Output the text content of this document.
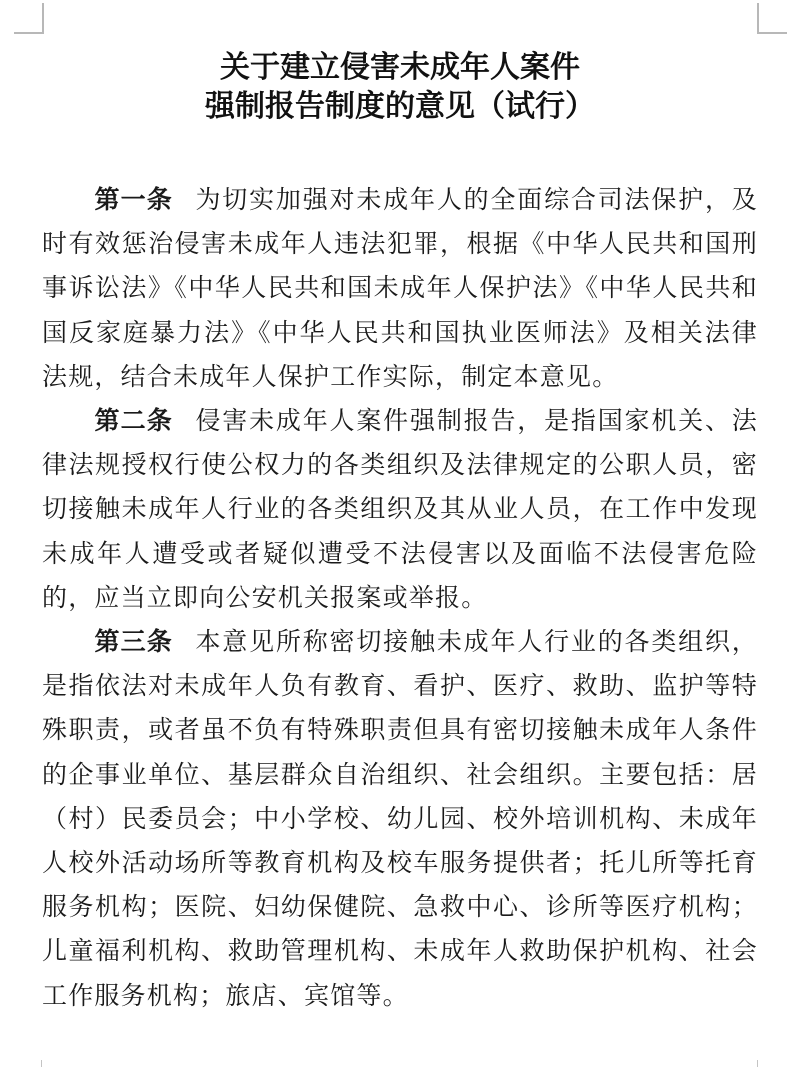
关于建立侵害未成年人案件
强制报告制度的意见（试行）

第一条 为切实加强对未成年人的全面综合司法保护，及时有效惩治侵害未成年人违法犯罪，根据《中华人民共和国刑事诉讼法》《中华人民共和国未成年人保护法》《中华人民共和国反家庭暴力法》《中华人民共和国执业医师法》及相关法律法规，结合未成年人保护工作实际，制定本意见。

第二条 侵害未成年人案件强制报告，是指国家机关、法律法规授权行使公权力的各类组织及法律规定的公职人员，密切接触未成年人行业的各类组织及其从业人员，在工作中发现未成年人遭受或者疑似遭受不法侵害以及面临不法侵害危险的，应当立即向公安机关报案或举报。

第三条 本意见所称密切接触未成年人行业的各类组织，是指依法对未成年人负有教育、看护、医疗、救助、监护等特殊职责，或者虽不负有特殊职责但具有密切接触未成年人条件的企事业单位、基层群众自治组织、社会组织。主要包括：居（村）民委员会；中小学校、幼儿园、校外培训机构、未成年人校外活动场所等教育机构及校车服务提供者；托儿所等托育服务机构；医院、妇幼保健院、急救中心、诊所等医疗机构；儿童福利机构、救助管理机构、未成年人救助保护机构、社会工作服务机构；旅店、宾馆等。
